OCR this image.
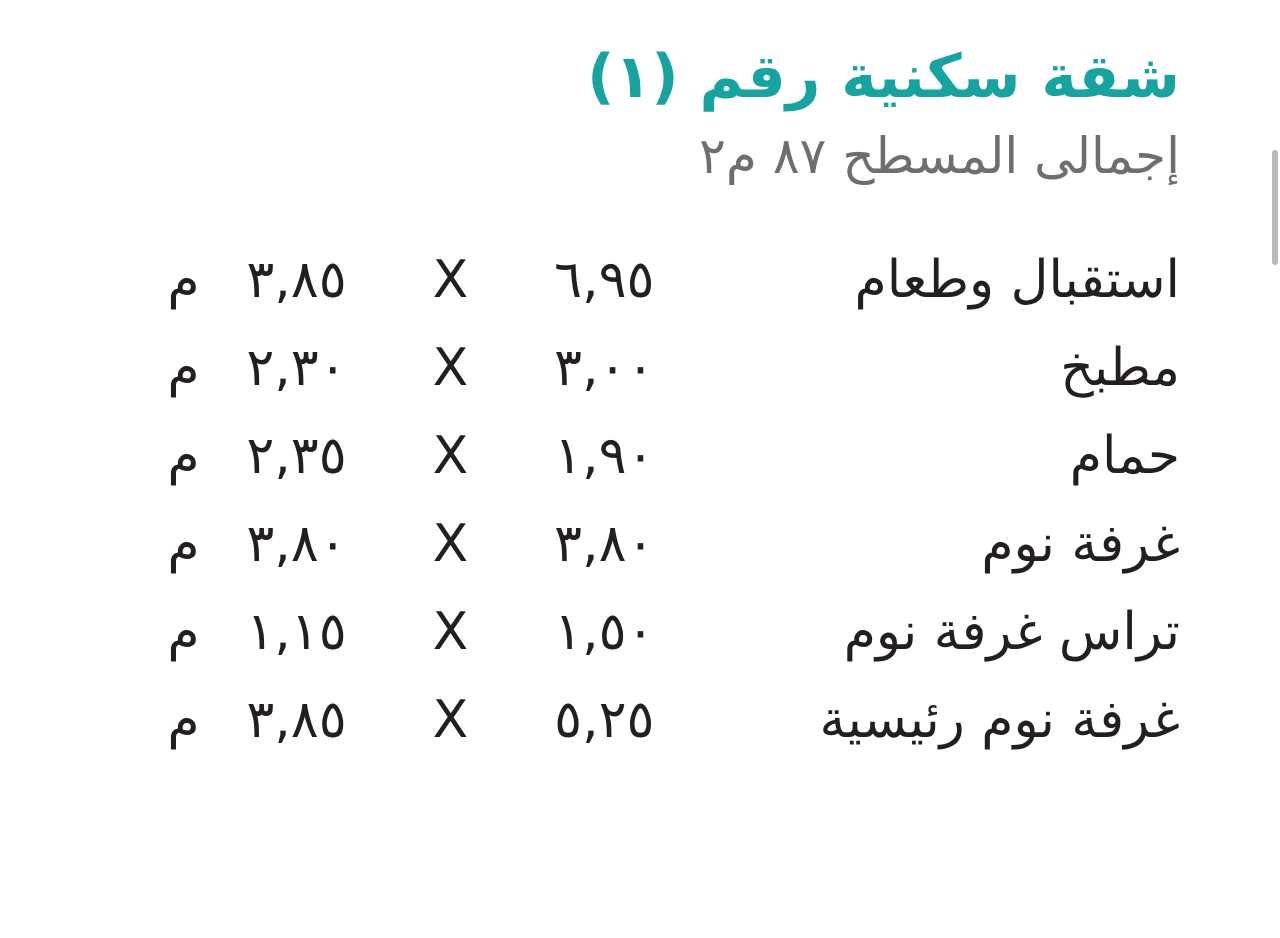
شقة سكنية رقم (١)
إجمالى المسطح ٨٧ م٢
استقبال وطعام	٦,٩٥	X	٣,٨٥	م
مطبخ	٣,٠٠	X	٢,٣٠	م
حمام	١,٩٠	X	٢,٣٥	م
غرفة نوم	٣,٨٠	X	٣,٨٠	م
تراس غرفة نوم	١,٥٠	X	١,١٥	م
غرفة نوم رئيسية	٥,٢٥	X	٣,٨٥	م
